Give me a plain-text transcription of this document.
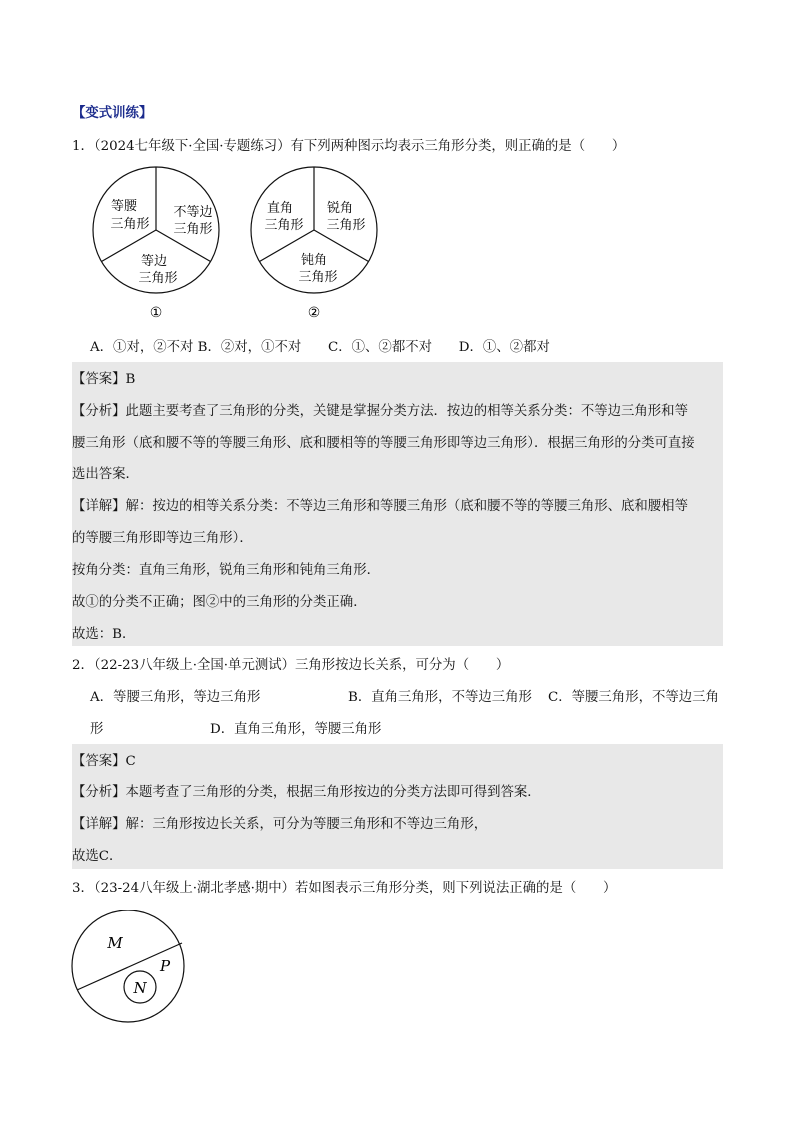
【变式训练】
1．（2024七年级下·全国·专题练习）有下列两种图示均表示三角形分类，则正确的是（　　）
等腰
三角形
不等边
三角形
等边
三角形
①
直角
三角形
锐角
三角形
钝角
三角形
②
A．①对，②不对 B．②对，①不对　　C．①、②都不对　　D．①、②都对
【答案】B
【分析】此题主要考查了三角形的分类，关键是掌握分类方法．按边的相等关系分类：不等边三角形和等
腰三角形（底和腰不等的等腰三角形、底和腰相等的等腰三角形即等边三角形）．根据三角形的分类可直接
选出答案．
【详解】解：按边的相等关系分类：不等边三角形和等腰三角形（底和腰不等的等腰三角形、底和腰相等
的等腰三角形即等边三角形）．
按角分类：直角三角形，锐角三角形和钝角三角形．
故①的分类不正确；图②中的三角形的分类正确．
故选：B．
2．（22-23八年级上·全国·单元测试）三角形按边长关系，可分为（　　）
A．等腰三角形，等边三角形	B．直角三角形，不等边三角形 C．等腰三角形，不等边三角
形	D．直角三角形，等腰三角形
【答案】C
【分析】本题考查了三角形的分类，根据三角形按边的分类方法即可得到答案．
【详解】解：三角形按边长关系，可分为等腰三角形和不等边三角形，
故选C．
3．（23-24八年级上·湖北孝感·期中）若如图表示三角形分类，则下列说法正确的是（　　）
M
P
N
